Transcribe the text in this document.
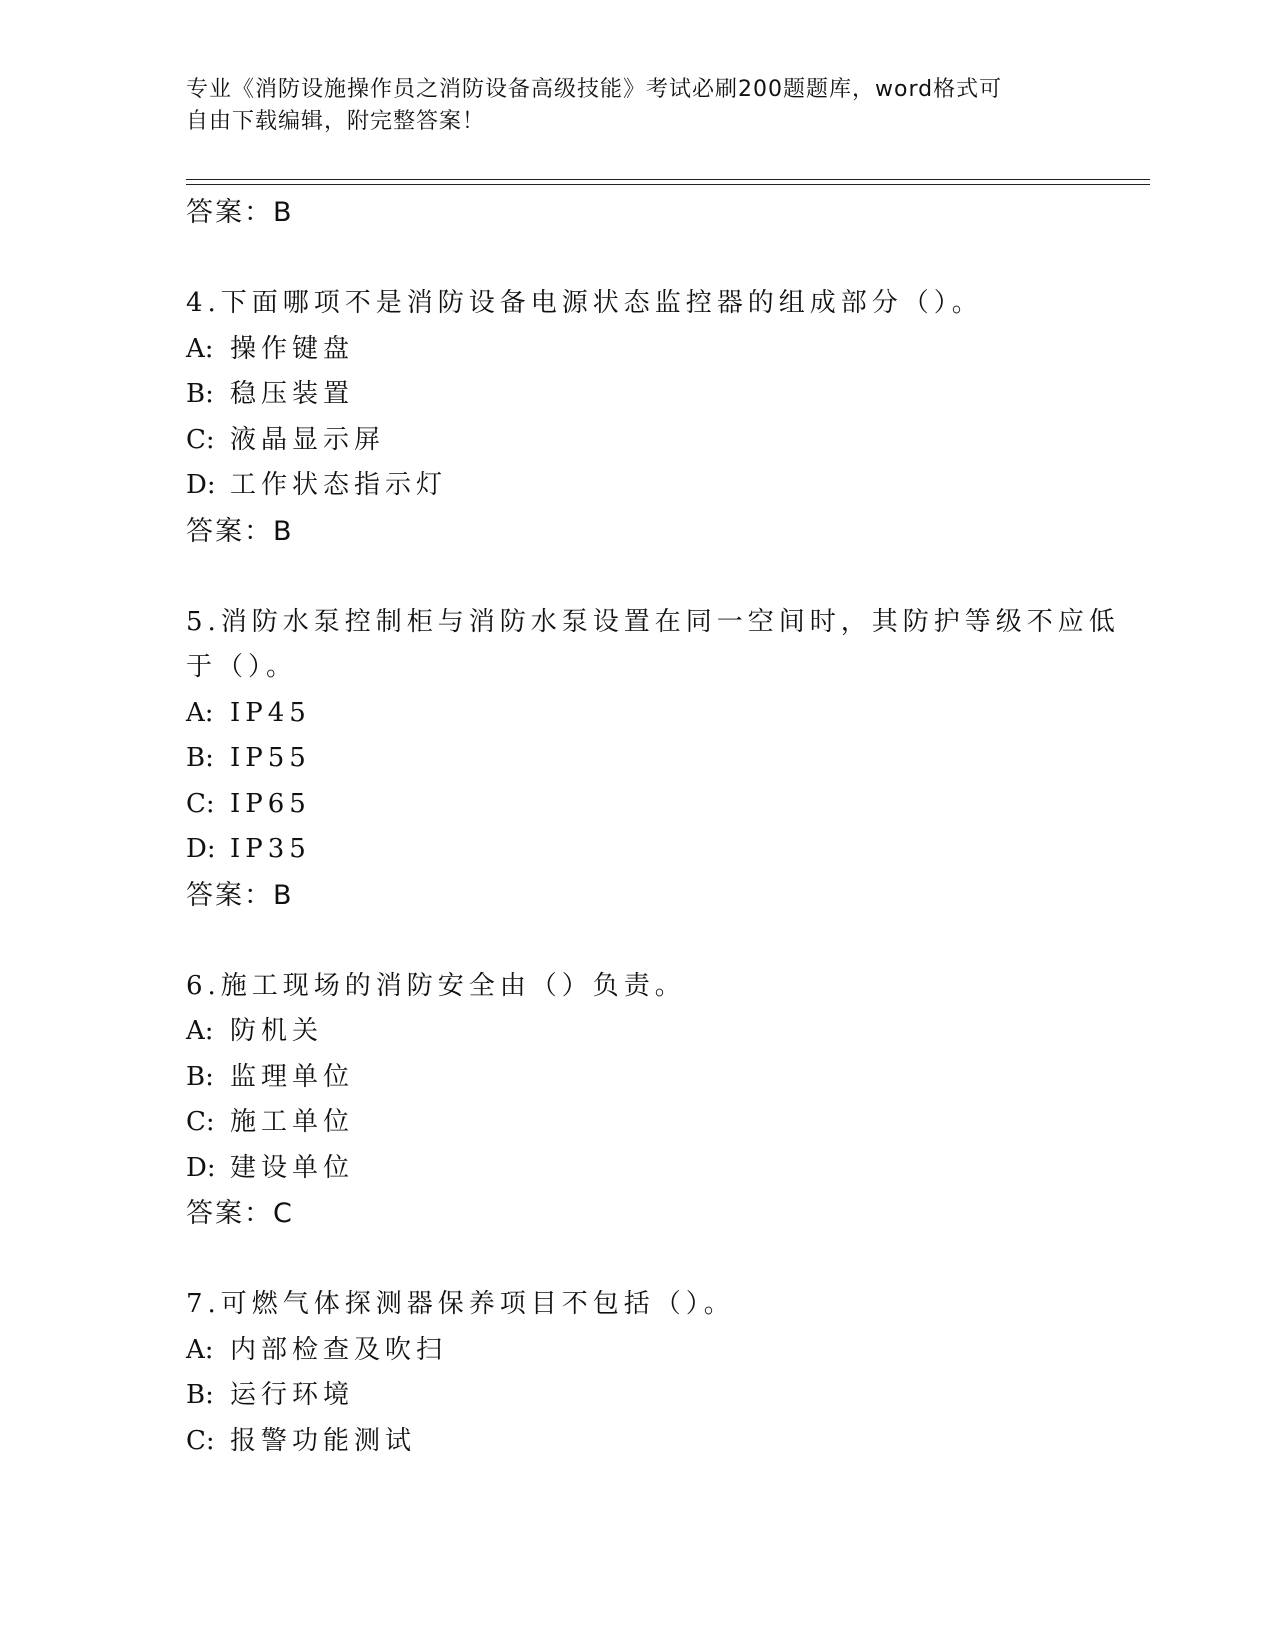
专业《消防设施操作员之消防设备高级技能》考试必刷200题题库，word格式可
自由下载编辑，附完整答案！
答案：B
4.下面哪项不是消防设备电源状态监控器的组成部分（）。
A: 操作键盘
B: 稳压装置
C: 液晶显示屏
D: 工作状态指示灯
答案：B
5.消防水泵控制柜与消防水泵设置在同一空间时，其防护等级不应低
于（）。
A: IP45
B: IP55
C: IP65
D: IP35
答案：B
6.施工现场的消防安全由（）负责。
A: 防机关
B: 监理单位
C: 施工单位
D: 建设单位
答案：C
7.可燃气体探测器保养项目不包括（）。
A: 内部检查及吹扫
B: 运行环境
C: 报警功能测试
